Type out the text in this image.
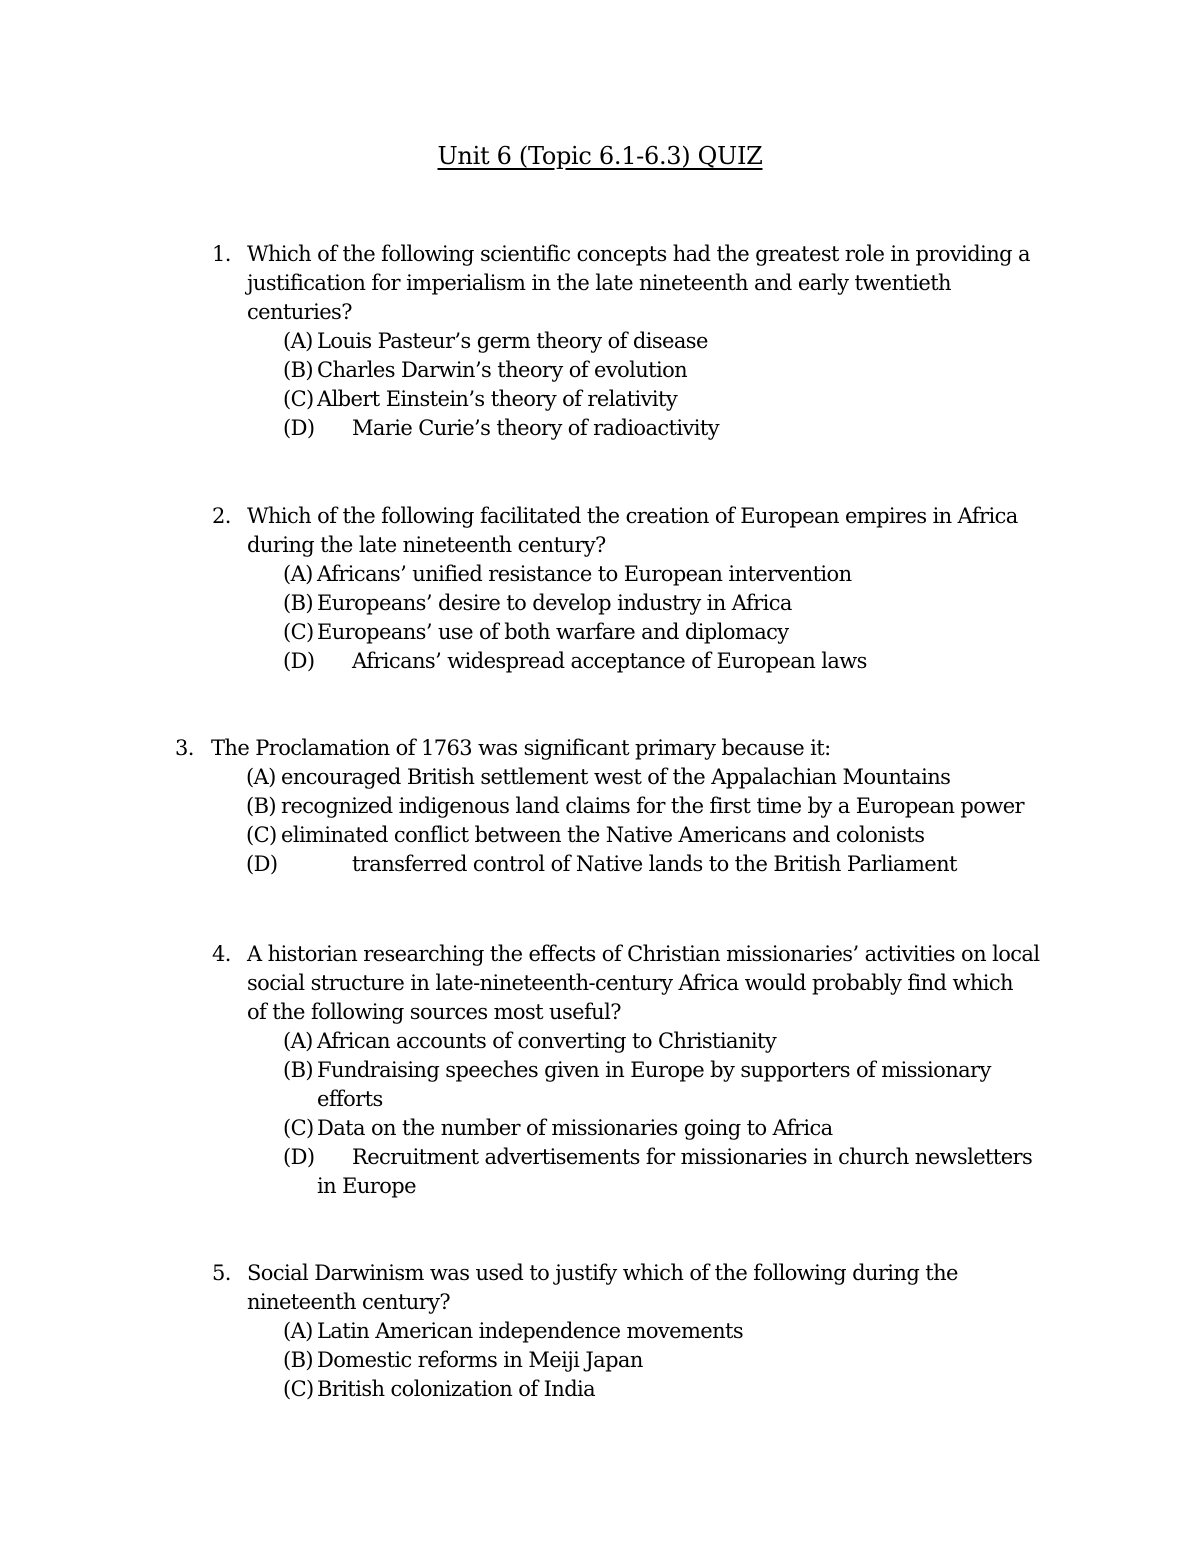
Unit 6 (Topic 6.1-6.3) QUIZ
1. Which of the following scientific concepts had the greatest role in providing a
justification for imperialism in the late nineteenth and early twentieth
centuries?
(A) Louis Pasteur’s germ theory of disease
(B) Charles Darwin’s theory of evolution
(C) Albert Einstein’s theory of relativity
(D) Marie Curie’s theory of radioactivity
2. Which of the following facilitated the creation of European empires in Africa
during the late nineteenth century?
(A) Africans’ unified resistance to European intervention
(B) Europeans’ desire to develop industry in Africa
(C) Europeans’ use of both warfare and diplomacy
(D) Africans’ widespread acceptance of European laws
3. The Proclamation of 1763 was significant primary because it:
(A) encouraged British settlement west of the Appalachian Mountains
(B) recognized indigenous land claims for the first time by a European power
(C) eliminated conflict between the Native Americans and colonists
(D)	transferred control of Native lands to the British Parliament
4. A historian researching the effects of Christian missionaries’ activities on local
social structure in late-nineteenth-century Africa would probably find which
of the following sources most useful?
(A) African accounts of converting to Christianity
(B) Fundraising speeches given in Europe by supporters of missionary
efforts
(C) Data on the number of missionaries going to Africa
(D) Recruitment advertisements for missionaries in church newsletters
in Europe
5. Social Darwinism was used to justify which of the following during the
nineteenth century?
(A) Latin American independence movements
(B) Domestic reforms in Meiji Japan
(C) British colonization of India
